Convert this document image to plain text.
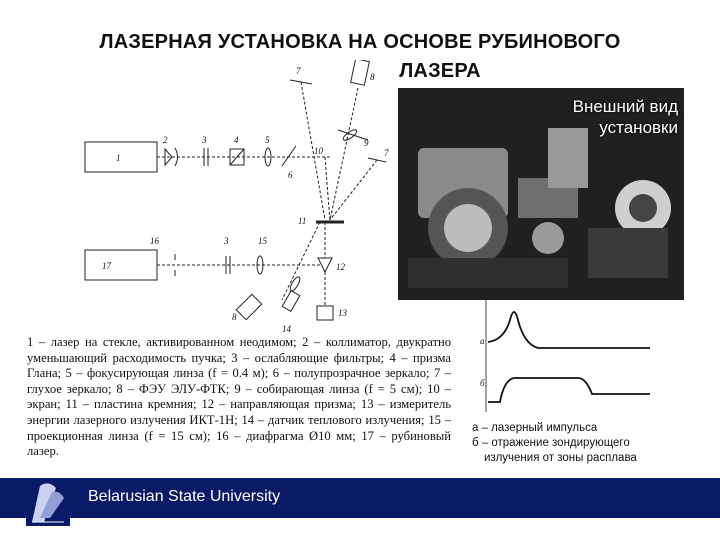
ЛАЗЕРНАЯ УСТАНОВКА НА ОСНОВЕ РУБИНОВОГО
ЛАЗЕРА
1
2	3	4	5
6
7
8
9
10
11
7
16
17
3	15
12
13
14
8
Внешний вид
установки
1 – лазер на стекле, активированном неодимом; 2 – коллиматор, двукратно уменьшающий расходимость пучка; 3 – ослабляющие фильтры; 4 – призма Глана; 5 – фокусирующая линза (f = 0.4 м); 6 – полупрозрачное зеркало; 7 – глухое зеркало; 8 – ФЭУ ЭЛУ-ФТК; 9 – собирающая линза (f = 5 см); 10 – экран; 11 – пластина кремния; 12 – направляющая призма; 13 – измеритель энергии лазерного излучения ИКТ-1Н; 14 – датчик теплового излучения; 15 – проекционная линза (f = 15 см); 16 – диафрагма Ø10 мм; 17 – рубиновый лазер.
a
б
а – лазерный импульса
б – отражение зондирующего
излучения от зоны расплава
Belarusian State University
